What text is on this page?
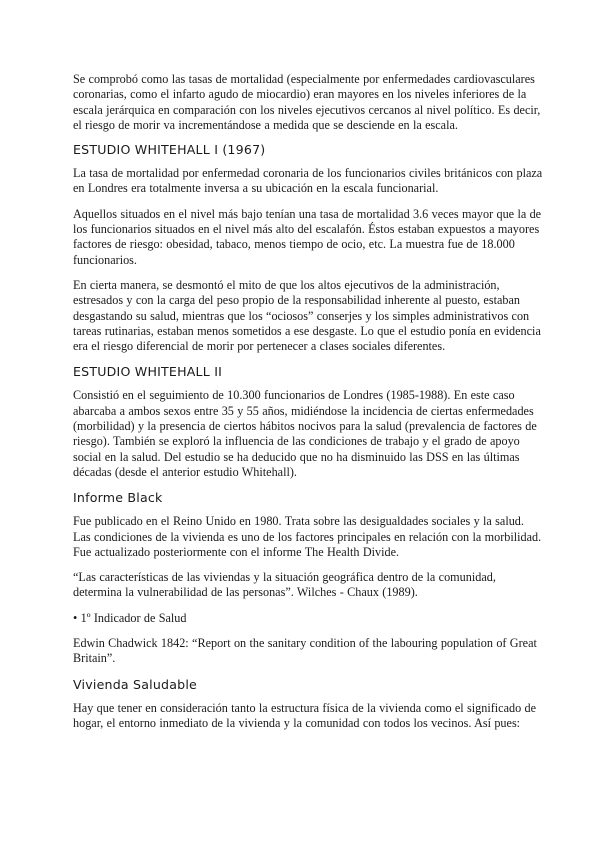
Se comprobó como las tasas de mortalidad (especialmente por enfermedades cardiovasculares coronarias, como el infarto agudo de miocardio) eran mayores en los niveles inferiores de la escala jerárquica en comparación con los niveles ejecutivos cercanos al nivel político. Es decir, el riesgo de morir va incrementándose a medida que se desciende en la escala.

ESTUDIO WHITEHALL I (1967)

La tasa de mortalidad por enfermedad coronaria de los funcionarios civiles británicos con plaza en Londres era totalmente inversa a su ubicación en la escala funcionarial.

Aquellos situados en el nivel más bajo tenían una tasa de mortalidad 3.6 veces mayor que la de los funcionarios situados en el nivel más alto del escalafón. Éstos estaban expuestos a mayores factores de riesgo: obesidad, tabaco, menos tiempo de ocio, etc. La muestra fue de 18.000 funcionarios.

En cierta manera, se desmontó el mito de que los altos ejecutivos de la administración, estresados y con la carga del peso propio de la responsabilidad inherente al puesto, estaban desgastando su salud, mientras que los “ociosos” conserjes y los simples administrativos con tareas rutinarias, estaban menos sometidos a ese desgaste. Lo que el estudio ponía en evidencia era el riesgo diferencial de morir por pertenecer a clases sociales diferentes.

ESTUDIO WHITEHALL II

Consistió en el seguimiento de 10.300 funcionarios de Londres (1985-1988). En este caso abarcaba a ambos sexos entre 35 y 55 años, midiéndose la incidencia de ciertas enfermedades (morbilidad) y la presencia de ciertos hábitos nocivos para la salud (prevalencia de factores de riesgo). También se exploró la influencia de las condiciones de trabajo y el grado de apoyo social en la salud. Del estudio se ha deducido que no ha disminuido las DSS en las últimas décadas (desde el anterior estudio Whitehall).

Informe Black

Fue publicado en el Reino Unido en 1980. Trata sobre las desigualdades sociales y la salud. Las condiciones de la vivienda es uno de los factores principales en relación con la morbilidad. Fue actualizado posteriormente con el informe The Health Divide.

“Las características de las viviendas y la situación geográfica dentro de la comunidad, determina la vulnerabilidad de las personas”. Wilches - Chaux (1989).

• 1º Indicador de Salud

Edwin Chadwick 1842: “Report on the sanitary condition of the labouring population of Great Britain”.

Vivienda Saludable

Hay que tener en consideración tanto la estructura física de la vivienda como el significado de hogar, el entorno inmediato de la vivienda y la comunidad con todos los vecinos. Así pues:
